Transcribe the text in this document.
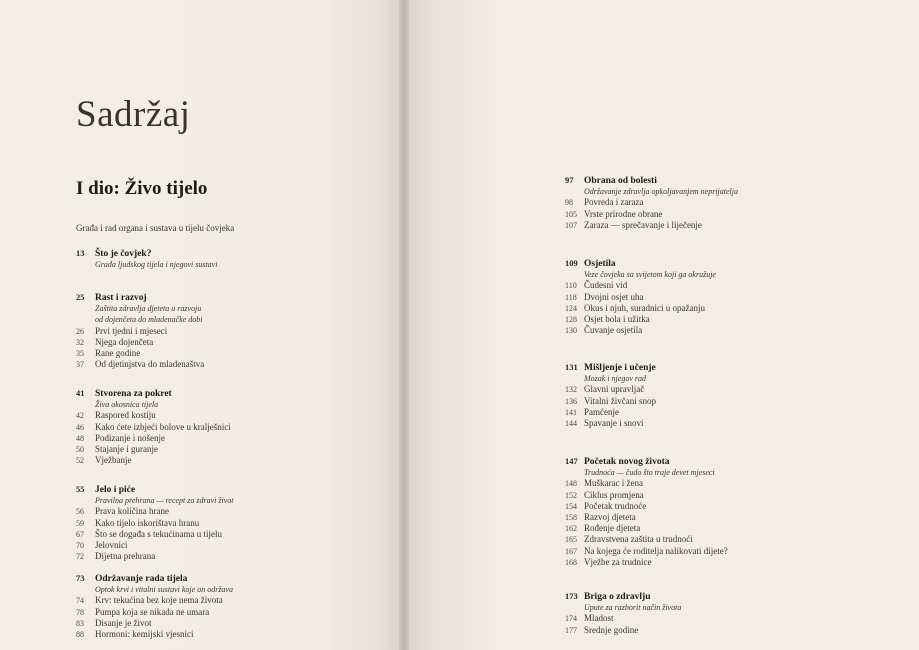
Sadržaj
I dio: Živo tijelo
Građa i rad organa i sustava u tijelu čovjeka
13	Što je čovjek?
Građa ljudskog tijela i njegovi sustavi
25	Rast i razvoj
Zaštita zdravlja djeteta u razvoju
od dojenčeta do mladenačke dobi
26	Prvi tjedni i mjeseci
32	Njega dojenčeta
35	Rane godine
37	Od djetinjstva do mladenaštva
41	Stvorena za pokret
Živa okosnica tijela
42	Raspored kostiju
46	Kako ćete izbjeći bolove u kralješnici
48	Podizanje i nošenje
50	Stajanje i guranje
52	Vježbanje
55	Jelo i piće
Pravilna prehrana — recept za zdravi život
56	Prava količina hrane
59	Kako tijelo iskorištava hranu
67	Što se događa s tekućinama u tijelu
70	Jelovnici
72	Dijetna prehrana
73	Održavanje rada tijela
Optok krvi i vitalni sustavi koje on održava
74	Krv: tekućina bez koje nema života
78	Pumpa koja se nikada ne umara
83	Disanje je život
88	Hormoni: kemijski vjesnici
97	Obrana od bolesti
Održavanje zdravlja opkoljavanjem neprijatelja
98	Povreda i zaraza
105 Vrste prirodne obrane
107 Zaraza — sprečavanje i liječenje
109 Osjetila
Veze čovjeka sa svijetom koji ga okružuje
110 Čudesni vid
118 Dvojni osjet uha
124 Okus i njuh, suradnici u opažanju
128 Osjet bola i užitka
130 Čuvanje osjetila
131 Mišljenje i učenje
Mozak i njegov rad
132 Glavni upravljač
136 Vitalni živčani snop
141 Pamćenje
144 Spavanje i snovi
147 Početak novog života
Trudnoća — čudo što traje devet mjeseci
148 Muškarac i žena
152 Ciklus promjena
154 Početak trudnoće
158 Razvoj djeteta
162 Rođenje djeteta
165 Zdravstvena zaštita u trudnoći
167 Na kojega će roditelja nalikovati dijete?
168 Vježbe za trudnice
173 Briga o zdravlju
Upute za razborit način života
174 Mladost
177 Srednje godine
